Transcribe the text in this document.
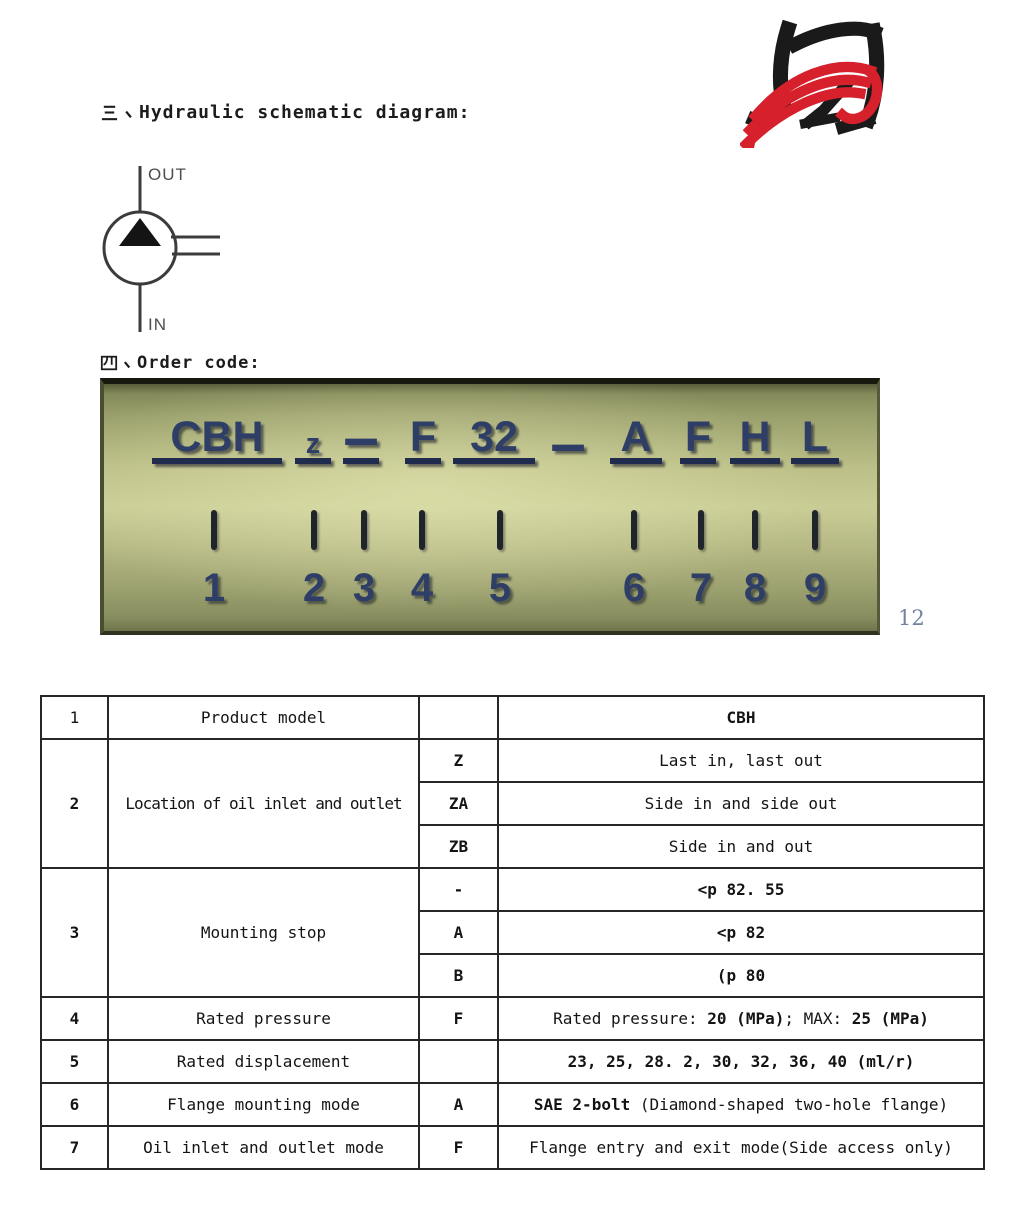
Hydraulic schematic diagram:
OUT
IN
Order code:
CBH	z – F 32 – A F H L
1 2 3 4 5	6 7 8 9
12
1	Product model		CBH
2	Location of oil inlet and outlet	Z	Last in, last out
		ZA	Side in and side out
		ZB	Side in and out
3	Mounting stop	-	<p 82. 55
		A	<p 82
		B	(p 80
4	Rated pressure	F	Rated pressure: 20 (MPa); MAX: 25 (MPa)
5	Rated displacement		23, 25, 28. 2, 30, 32, 36, 40 (ml/r)
6	Flange mounting mode	A	SAE 2-bolt (Diamond-shaped two-hole flange)
7	Oil inlet and outlet mode	F	Flange entry and exit mode(Side access only)
